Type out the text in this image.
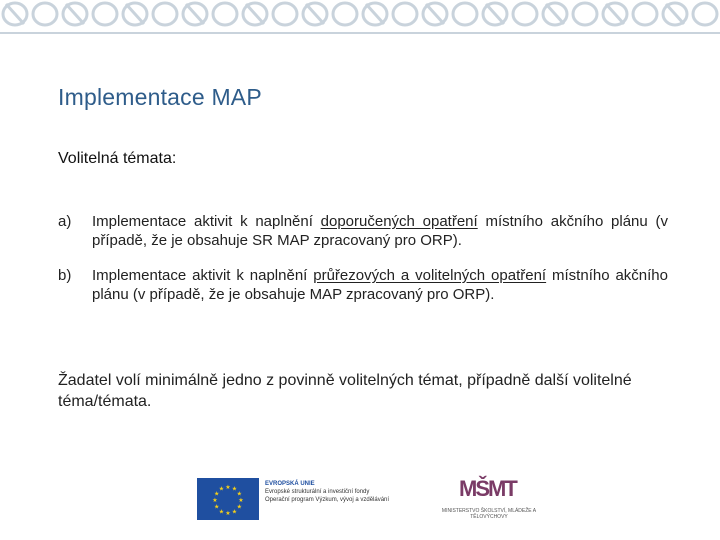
Implementace MAP
Volitelná témata:
a) Implementace aktivit k naplnění doporučených opatření místního akčního plánu (v případě, že je obsahuje SR MAP zpracovaný pro ORP).
b) Implementace aktivit k naplnění průřezových a volitelných opatření místního akčního plánu (v případě, že je obsahuje MAP zpracovaný pro ORP).
Žadatel volí minimálně jedno z povinně volitelných témat, případně další volitelné téma/témata.
★
★
★
★
★
★
★
★
★ ★ ★
★
EVROPSKÁ UNIE
Evropské strukturální a investiční fondy
Operační program Výzkum, vývoj a vzdělávání	MŠMT
MINISTERSTVO ŠKOLSTVÍ, MLÁDEŽE A TĚLOVÝCHOVY
